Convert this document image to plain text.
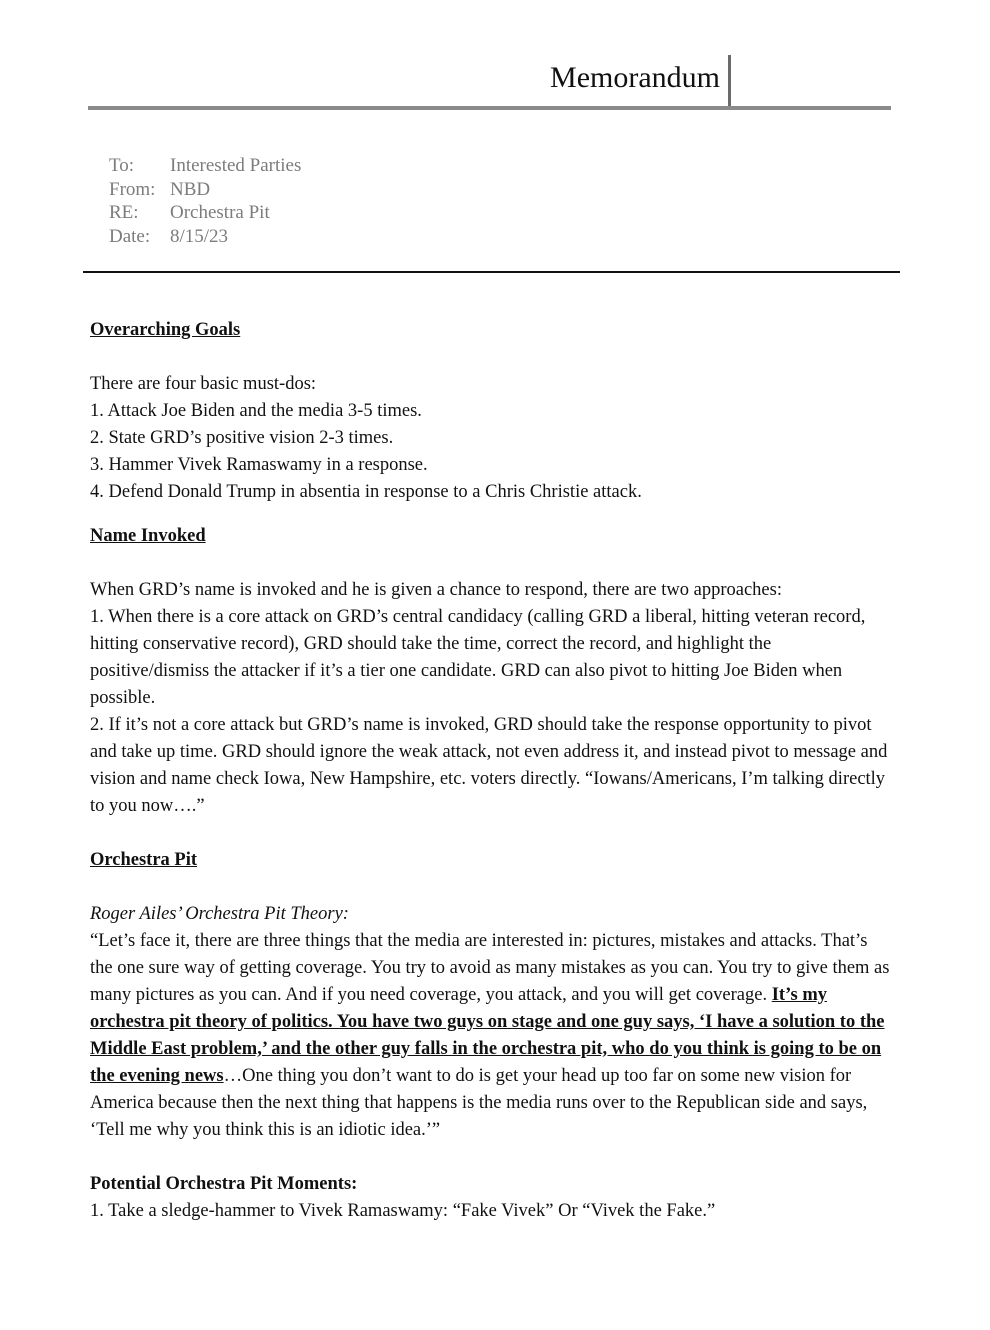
Memorandum
To:	Interested Parties
From: NBD
RE:	Orchestra Pit
Date:	8/15/23

Overarching Goals

There are four basic must-dos:

1. Attack Joe Biden and the media 3-5 times.

2. State GRD’s positive vision 2-3 times.

3. Hammer Vivek Ramaswamy in a response.

4. Defend Donald Trump in absentia in response to a Chris Christie attack.

Name Invoked

When GRD’s name is invoked and he is given a chance to respond, there are two approaches:

1. When there is a core attack on GRD’s central candidacy (calling GRD a liberal, hitting veteran record, hitting conservative record), GRD should take the time, correct the record, and highlight the positive/dismiss the attacker if it’s a tier one candidate. GRD can also pivot to hitting Joe Biden when possible.

2. If it’s not a core attack but GRD’s name is invoked, GRD should take the response opportunity to pivot and take up time. GRD should ignore the weak attack, not even address it, and instead pivot to message and vision and name check Iowa, New Hampshire, etc. voters directly. “Iowans/Americans, I’m talking directly to you now….”

Orchestra Pit

Roger Ailes’ Orchestra Pit Theory:

“Let’s face it, there are three things that the media are interested in: pictures, mistakes and attacks. That’s the one sure way of getting coverage. You try to avoid as many mistakes as you can. You try to give them as many pictures as you can. And if you need coverage, you attack, and you will get coverage. It’s my orchestra pit theory of politics. You have two guys on stage and one guy says, ‘I have a solution to the Middle East problem,’ and the other guy falls in the orchestra pit, who do you think is going to be on the evening news…One thing you don’t want to do is get your head up too far on some new vision for America because then the next thing that happens is the media runs over to the Republican side and says, ‘Tell me why you think this is an idiotic idea.’”

Potential Orchestra Pit Moments:

1. Take a sledge-hammer to Vivek Ramaswamy: “Fake Vivek” Or “Vivek the Fake.”
